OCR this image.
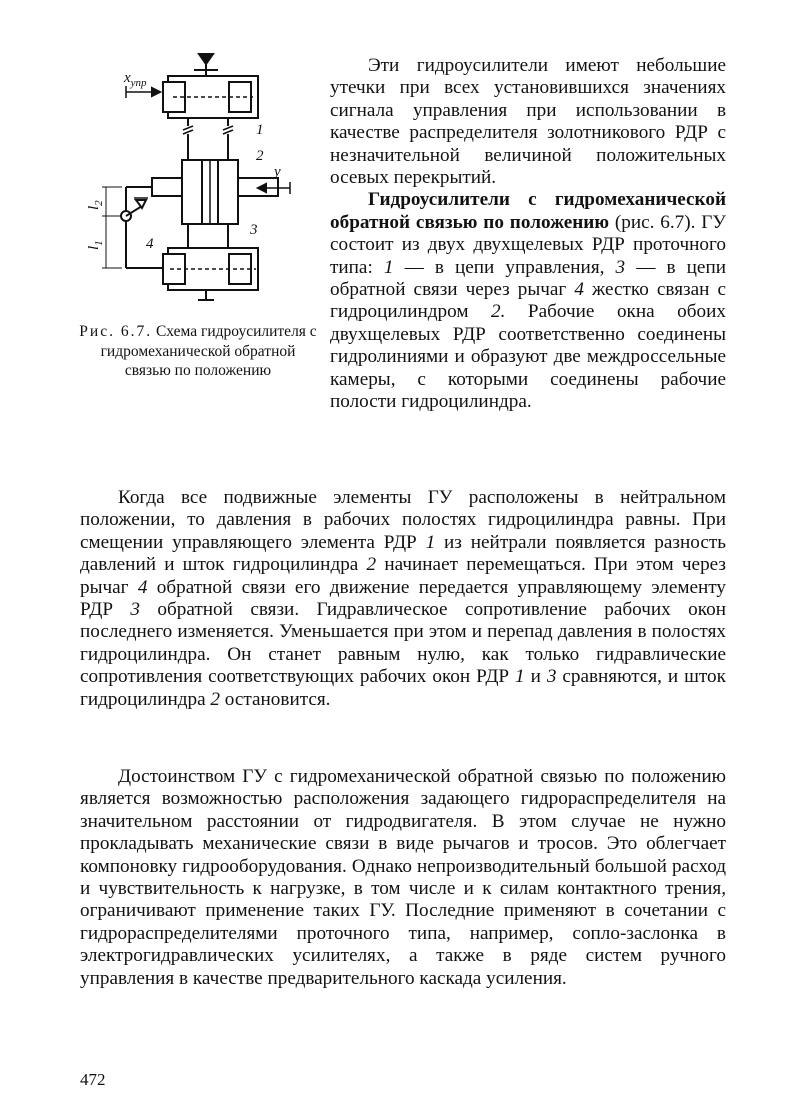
$x_{упр}$
1
2
y
3
4
$l_2$
$l_1$
Рис. 6.7. Схема гидроусилителя с гидромеханической обратной связью по положению

Эти гидроусилители имеют небольшие утечки при всех установившихся значениях сигнала управления при использовании в качестве распределителя золотникового РДР с незначительной величиной положительных осевых перекрытий.

Гидроусилители с гидромеханической обратной связью по положению (рис. 6.7). ГУ состоит из двух двухщелевых РДР проточного типа: 1 — в цепи управления, 3 — в цепи обратной связи через рычаг 4 жестко связан с гидроцилиндром 2. Рабочие окна обоих двухщелевых РДР соответственно соединены гидролиниями и образуют две междроссельные камеры, с которыми соединены рабочие полости гидроцилиндра.

Когда все подвижные элементы ГУ расположены в нейтральном положении, то давления в рабочих полостях гидроцилиндра равны. При смещении управляющего элемента РДР 1 из нейтрали появляется разность давлений и шток гидроцилиндра 2 начинает перемещаться. При этом через рычаг 4 обратной связи его движение передается управляющему элементу РДР 3 обратной связи. Гидравлическое сопротивление рабочих окон последнего изменяется. Уменьшается при этом и перепад давления в полостях гидроцилиндра. Он станет равным нулю, как только гидравлические сопротивления соответствующих рабочих окон РДР 1 и 3 сравняются, и шток гидроцилиндра 2 остановится.

Достоинством ГУ с гидромеханической обратной связью по положению является возможностью расположения задающего гидрораспределителя на значительном расстоянии от гидродвигателя. В этом случае не нужно прокладывать механические связи в виде рычагов и тросов. Это облегчает компоновку гидрооборудования. Однако непроизводительный большой расход и чувствительность к нагрузке, в том числе и к силам контактного трения, ограничивают применение таких ГУ. Последние применяют в сочетании с гидрораспределителями проточного типа, например, сопло-заслонка в электрогидравлических усилителях, а также в ряде систем ручного управления в качестве предварительного каскада усиления.
472
